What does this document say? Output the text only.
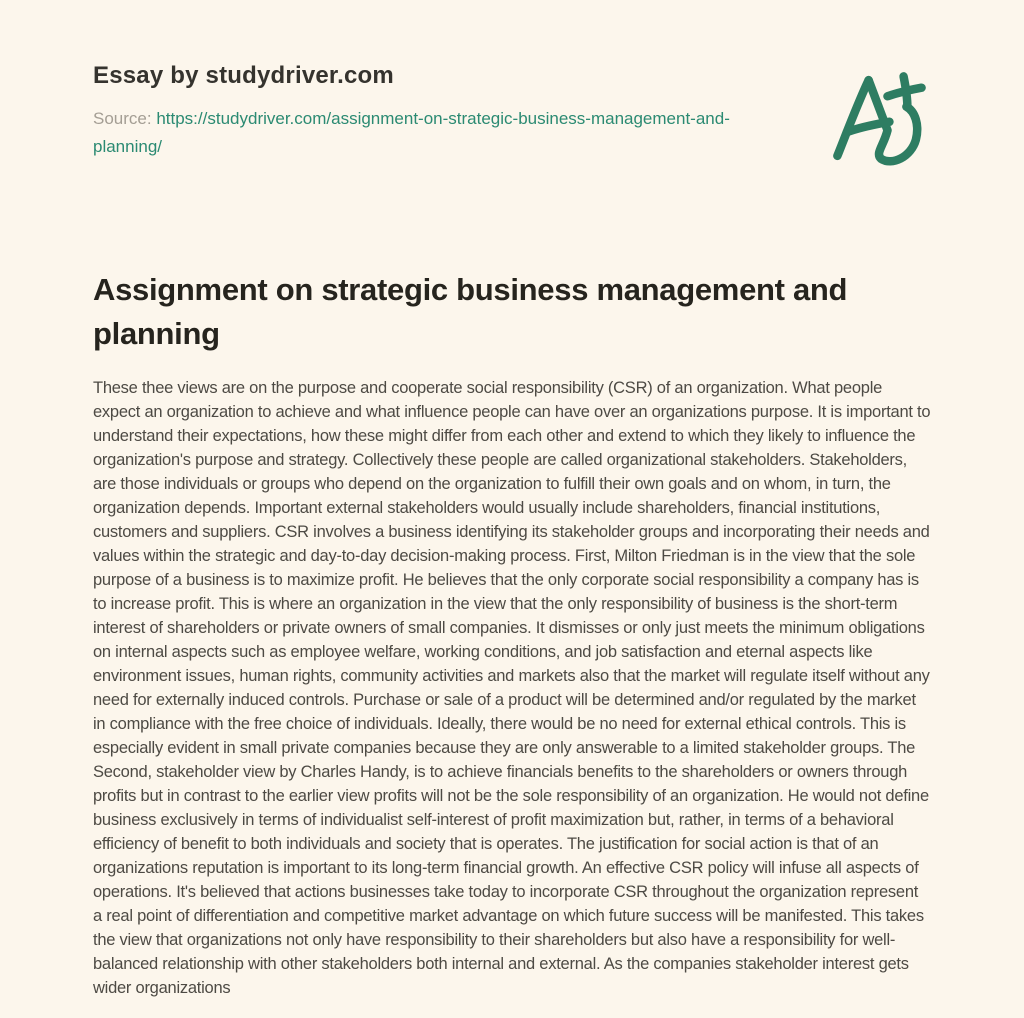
Essay by studydriver.com
Source: https://studydriver.com/assignment-on-strategic-business-management-and-planning/
Assignment on strategic business management and planning

These thee views are on the purpose and cooperate social responsibility (CSR) of an organization. What people expect an organization to achieve and what influence people can have over an organizations purpose. It is important to understand their expectations, how these might differ from each other and extend to which they likely to influence the organization's purpose and strategy. Collectively these people are called organizational stakeholders. Stakeholders, are those individuals or groups who depend on the organization to fulfill their own goals and on whom, in turn, the organization depends. Important external stakeholders would usually include shareholders, financial institutions, customers and suppliers. CSR involves a business identifying its stakeholder groups and incorporating their needs and values within the strategic and day-to-day decision-making process. First, Milton Friedman is in the view that the sole purpose of a business is to maximize profit. He believes that the only corporate social responsibility a company has is to increase profit. This is where an organization in the view that the only responsibility of business is the short-term interest of shareholders or private owners of small companies. It dismisses or only just meets the minimum obligations on internal aspects such as employee welfare, working conditions, and job satisfaction and eternal aspects like environment issues, human rights, community activities and markets also that the market will regulate itself without any need for externally induced controls. Purchase or sale of a product will be determined and/or regulated by the market in compliance with the free choice of individuals. Ideally, there would be no need for external ethical controls. This is especially evident in small private companies because they are only answerable to a limited stakeholder groups. The Second, stakeholder view by Charles Handy, is to achieve financials benefits to the shareholders or owners through profits but in contrast to the earlier view profits will not be the sole responsibility of an organization. He would not define business exclusively in terms of individualist self-interest of profit maximization but, rather, in terms of a behavioral efficiency of benefit to both individuals and society that is operates. The justification for social action is that of an organizations reputation is important to its long-term financial growth. An effective CSR policy will infuse all aspects of operations. It's believed that actions businesses take today to incorporate CSR throughout the organization represent a real point of differentiation and competitive market advantage on which future success will be manifested. This takes the view that organizations not only have responsibility to their shareholders but also have a responsibility for well-balanced relationship with other stakeholders both internal and external. As the companies stakeholder interest gets wider organizations
